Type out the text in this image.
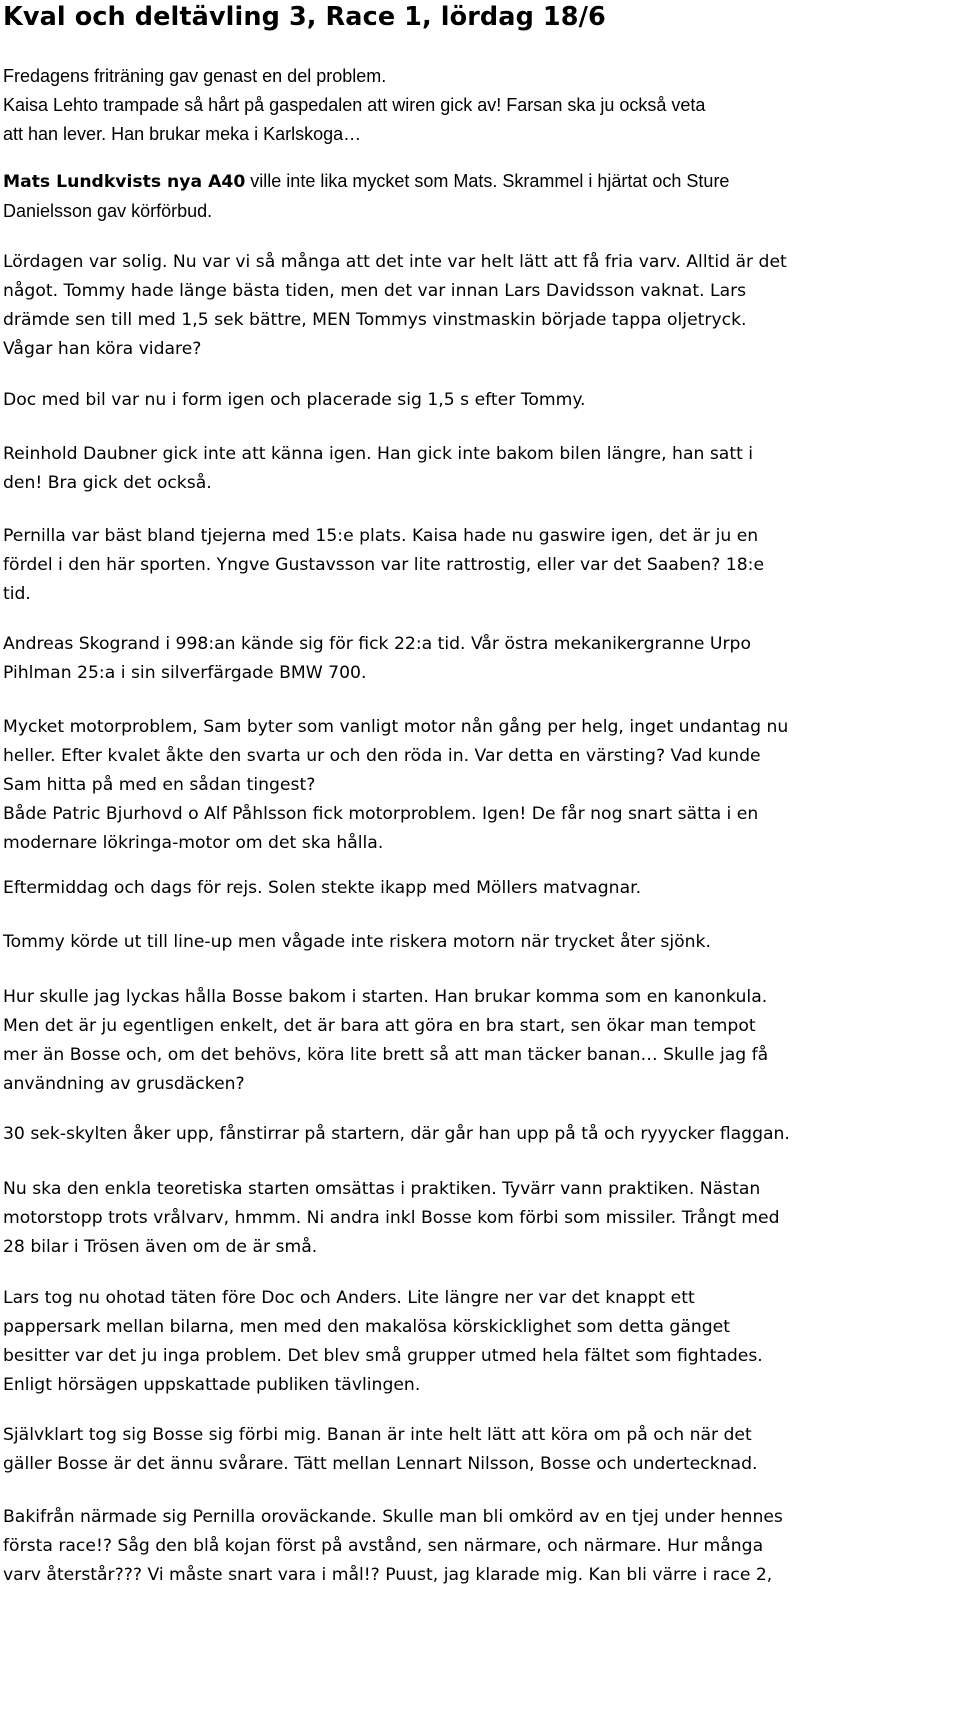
Kval och deltävling 3, Race 1, lördag 18/6

Fredagens friträning gav genast en del problem.
Kaisa Lehto trampade så hårt på gaspedalen att wiren gick av! Farsan ska ju också veta
att han lever. Han brukar meka i Karlskoga…

Mats Lundkvists nya A40 ville inte lika mycket som Mats. Skrammel i hjärtat och Sture
Danielsson gav körförbud.

Lördagen var solig. Nu var vi så många att det inte var helt lätt att få fria varv. Alltid är det
något. Tommy hade länge bästa tiden, men det var innan Lars Davidsson vaknat. Lars
drämde sen till med 1,5 sek bättre, MEN Tommys vinstmaskin började tappa oljetryck.
Vågar han köra vidare?

Doc med bil var nu i form igen och placerade sig 1,5 s efter Tommy.

Reinhold Daubner gick inte att känna igen. Han gick inte bakom bilen längre, han satt i
den! Bra gick det också.

Pernilla var bäst bland tjejerna med 15:e plats. Kaisa hade nu gaswire igen, det är ju en
fördel i den här sporten. Yngve Gustavsson var lite rattrostig, eller var det Saaben? 18:e
tid.

Andreas Skogrand i 998:an kände sig för fick 22:a tid. Vår östra mekanikergranne Urpo
Pihlman 25:a i sin silverfärgade BMW 700.

Mycket motorproblem, Sam byter som vanligt motor nån gång per helg, inget undantag nu
heller. Efter kvalet åkte den svarta ur och den röda in. Var detta en värsting? Vad kunde
Sam hitta på med en sådan tingest?
Både Patric Bjurhovd o Alf Påhlsson fick motorproblem. Igen! De får nog snart sätta i en
modernare lökringa-motor om det ska hålla.

Eftermiddag och dags för rejs. Solen stekte ikapp med Möllers matvagnar.

Tommy körde ut till line-up men vågade inte riskera motorn när trycket åter sjönk.

Hur skulle jag lyckas hålla Bosse bakom i starten. Han brukar komma som en kanonkula.
Men det är ju egentligen enkelt, det är bara att göra en bra start, sen ökar man tempot
mer än Bosse och, om det behövs, köra lite brett så att man täcker banan… Skulle jag få
användning av grusdäcken?

30 sek-skylten åker upp, fånstirrar på startern, där går han upp på tå och ryyycker flaggan.

Nu ska den enkla teoretiska starten omsättas i praktiken. Tyvärr vann praktiken. Nästan
motorstopp trots vrålvarv, hmmm. Ni andra inkl Bosse kom förbi som missiler. Trångt med
28 bilar i Trösen även om de är små.

Lars tog nu ohotad täten före Doc och Anders. Lite längre ner var det knappt ett
pappersark mellan bilarna, men med den makalösa körskicklighet som detta gänget
besitter var det ju inga problem. Det blev små grupper utmed hela fältet som fightades.
Enligt hörsägen uppskattade publiken tävlingen.

Självklart tog sig Bosse sig förbi mig. Banan är inte helt lätt att köra om på och när det
gäller Bosse är det ännu svårare. Tätt mellan Lennart Nilsson, Bosse och undertecknad.

Bakifrån närmade sig Pernilla oroväckande. Skulle man bli omkörd av en tjej under hennes
första race!? Såg den blå kojan först på avstånd, sen närmare, och närmare. Hur många
varv återstår??? Vi måste snart vara i mål!? Puust, jag klarade mig. Kan bli värre i race 2,
